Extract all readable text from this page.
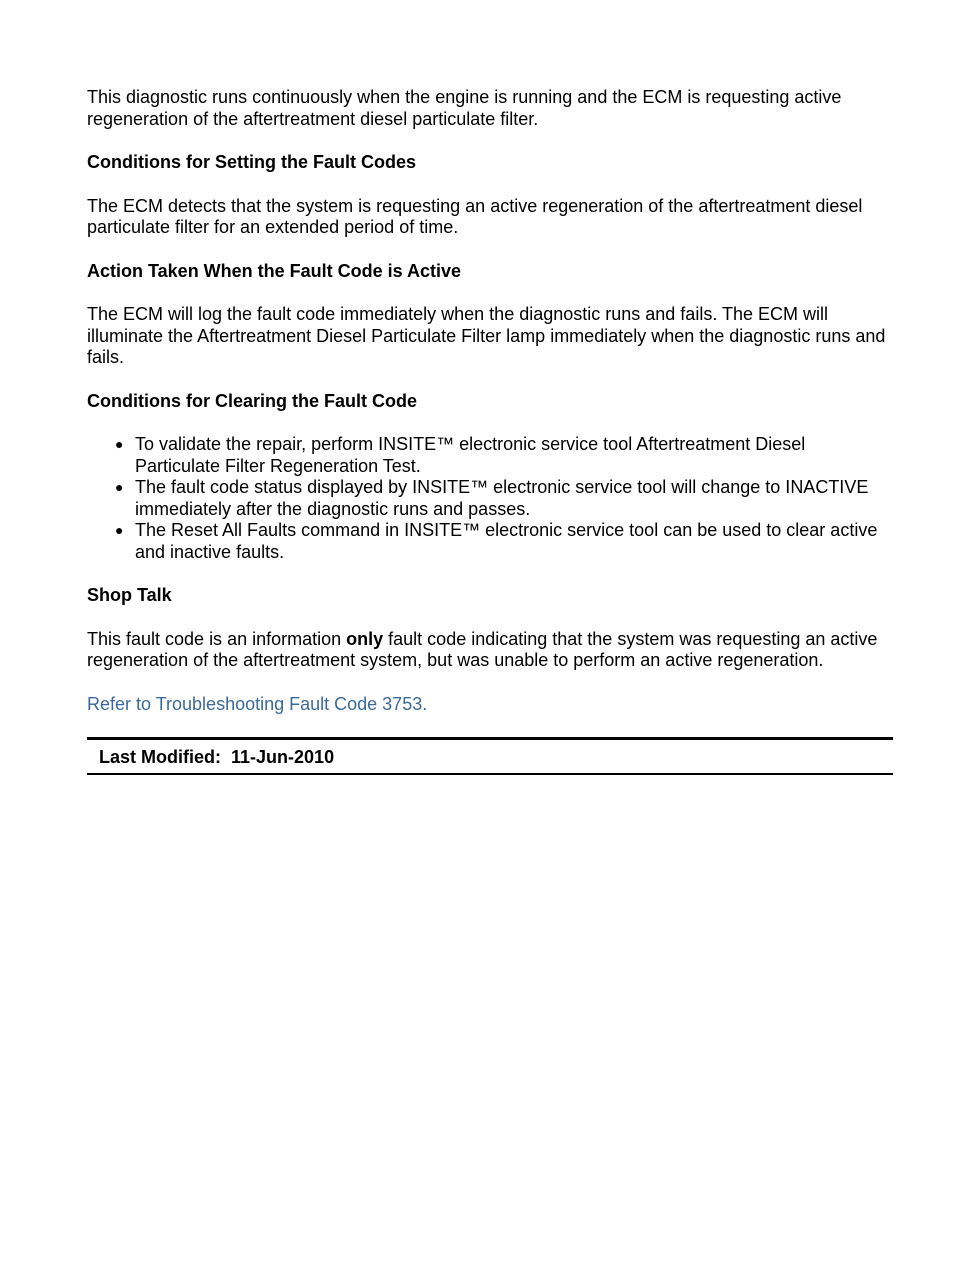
This diagnostic runs continuously when the engine is running and the ECM is requesting active regeneration of the aftertreatment diesel particulate filter.

Conditions for Setting the Fault Codes

The ECM detects that the system is requesting an active regeneration of the aftertreatment diesel particulate filter for an extended period of time.

Action Taken When the Fault Code is Active

The ECM will log the fault code immediately when the diagnostic runs and fails. The ECM will illuminate the Aftertreatment Diesel Particulate Filter lamp immediately when the diagnostic runs and fails.

Conditions for Clearing the Fault Code
● To validate the repair, perform INSITE™ electronic service tool Aftertreatment Diesel Particulate Filter Regeneration Test.
● The fault code status displayed by INSITE™ electronic service tool will change to INACTIVE immediately after the diagnostic runs and passes.
● The Reset All Faults command in INSITE™ electronic service tool can be used to clear active and inactive faults.
Shop Talk

This fault code is an information only fault code indicating that the system was requesting an active regeneration of the aftertreatment system, but was unable to perform an active regeneration.

Refer to Troubleshooting Fault Code 3753.

Last Modified: 11-Jun-2010
